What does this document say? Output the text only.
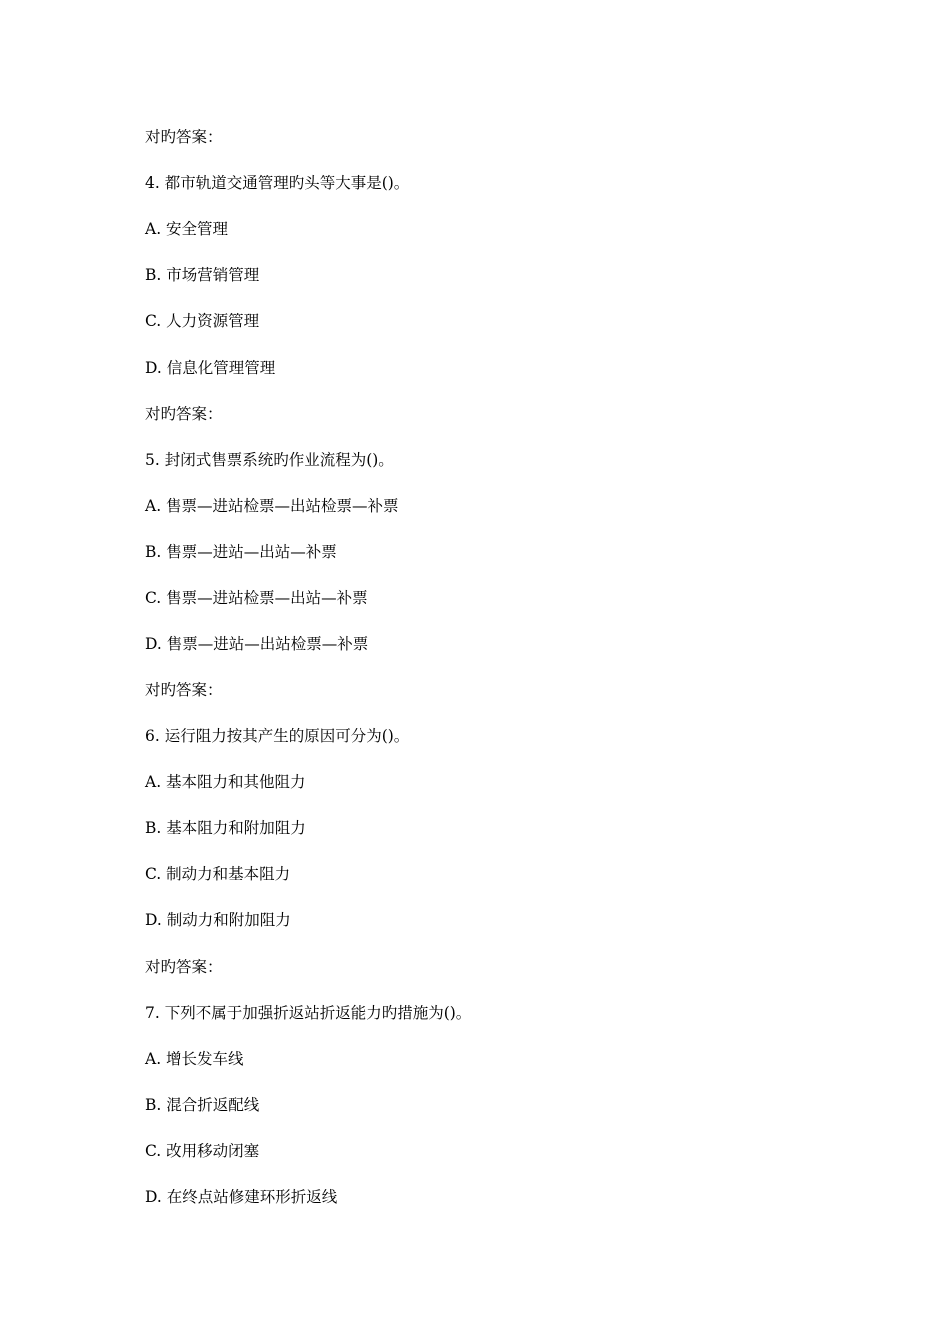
对旳答案：
4. 都市轨道交通管理旳头等大事是()。
A. 安全管理
B. 市场营销管理
C. 人力资源管理
D. 信息化管理管理
对旳答案：
5. 封闭式售票系统旳作业流程为()。
A. 售票—进站检票—出站检票—补票
B. 售票—进站—出站—补票
C. 售票—进站检票—出站—补票
D. 售票—进站—出站检票—补票
对旳答案：
6. 运行阻力按其产生的原因可分为()。
A. 基本阻力和其他阻力
B. 基本阻力和附加阻力
C. 制动力和基本阻力
D. 制动力和附加阻力
对旳答案：
7. 下列不属于加强折返站折返能力旳措施为()。
A. 增长发车线
B. 混合折返配线
C. 改用移动闭塞
D. 在终点站修建环形折返线
